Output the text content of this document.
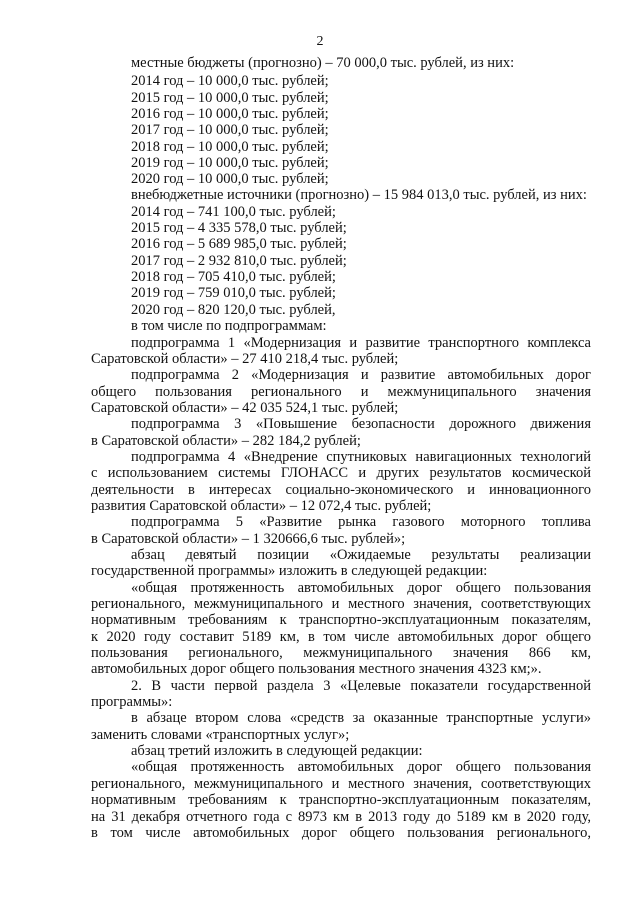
2
местные бюджеты (прогнозно) – 70 000,0 тыс. рублей, из них:
2014 год – 10 000,0 тыс. рублей;
2015 год – 10 000,0 тыс. рублей;
2016 год – 10 000,0 тыс. рублей;
2017 год – 10 000,0 тыс. рублей;
2018 год – 10 000,0 тыс. рублей;
2019 год – 10 000,0 тыс. рублей;
2020 год – 10 000,0 тыс. рублей;
внебюджетные источники (прогнозно) – 15 984 013,0 тыс. рублей, из них:
2014 год – 741 100,0 тыс. рублей;
2015 год – 4 335 578,0 тыс. рублей;
2016 год – 5 689 985,0 тыс. рублей;
2017 год – 2 932 810,0 тыс. рублей;
2018 год – 705 410,0 тыс. рублей;
2019 год – 759 010,0 тыс. рублей;
2020 год – 820 120,0 тыс. рублей,
в том числе по подпрограммам:
подпрограмма 1 «Модернизация и развитие транспортного комплекса
Саратовской области» – 27 410 218,4 тыс. рублей;
подпрограмма 2 «Модернизация и развитие автомобильных дорог
общего пользования регионального и межмуниципального значения
Саратовской области» – 42 035 524,1 тыс. рублей;
подпрограмма 3 «Повышение безопасности дорожного движения
в Саратовской области» – 282 184,2 рублей;
подпрограмма 4 «Внедрение спутниковых навигационных технологий
с использованием системы ГЛОНАСС и других результатов космической
деятельности в интересах социально-экономического и инновационного
развития Саратовской области» – 12 072,4 тыс. рублей;
подпрограмма 5 «Развитие рынка газового моторного топлива
в Саратовской области» – 1 320666,6 тыс. рублей»;
абзац девятый позиции «Ожидаемые результаты реализации
государственной программы» изложить в следующей редакции:
«общая протяженность автомобильных дорог общего пользования
регионального, межмуниципального и местного значения, соответствующих
нормативным требованиям к транспортно-эксплуатационным показателям,
к 2020 году составит 5189 км, в том числе автомобильных дорог общего
пользования регионального, межмуниципального значения 866 км,
автомобильных дорог общего пользования местного значения 4323 км;».
2. В части первой раздела 3 «Целевые показатели государственной
программы»:
в абзаце втором слова «средств за оказанные транспортные услуги»
заменить словами «транспортных услуг»;
абзац третий изложить в следующей редакции:
«общая протяженность автомобильных дорог общего пользования
регионального, межмуниципального и местного значения, соответствующих
нормативным требованиям к транспортно-эксплуатационным показателям,
на 31 декабря отчетного года с 8973 км в 2013 году до 5189 км в 2020 году,
в том числе автомобильных дорог общего пользования регионального,
